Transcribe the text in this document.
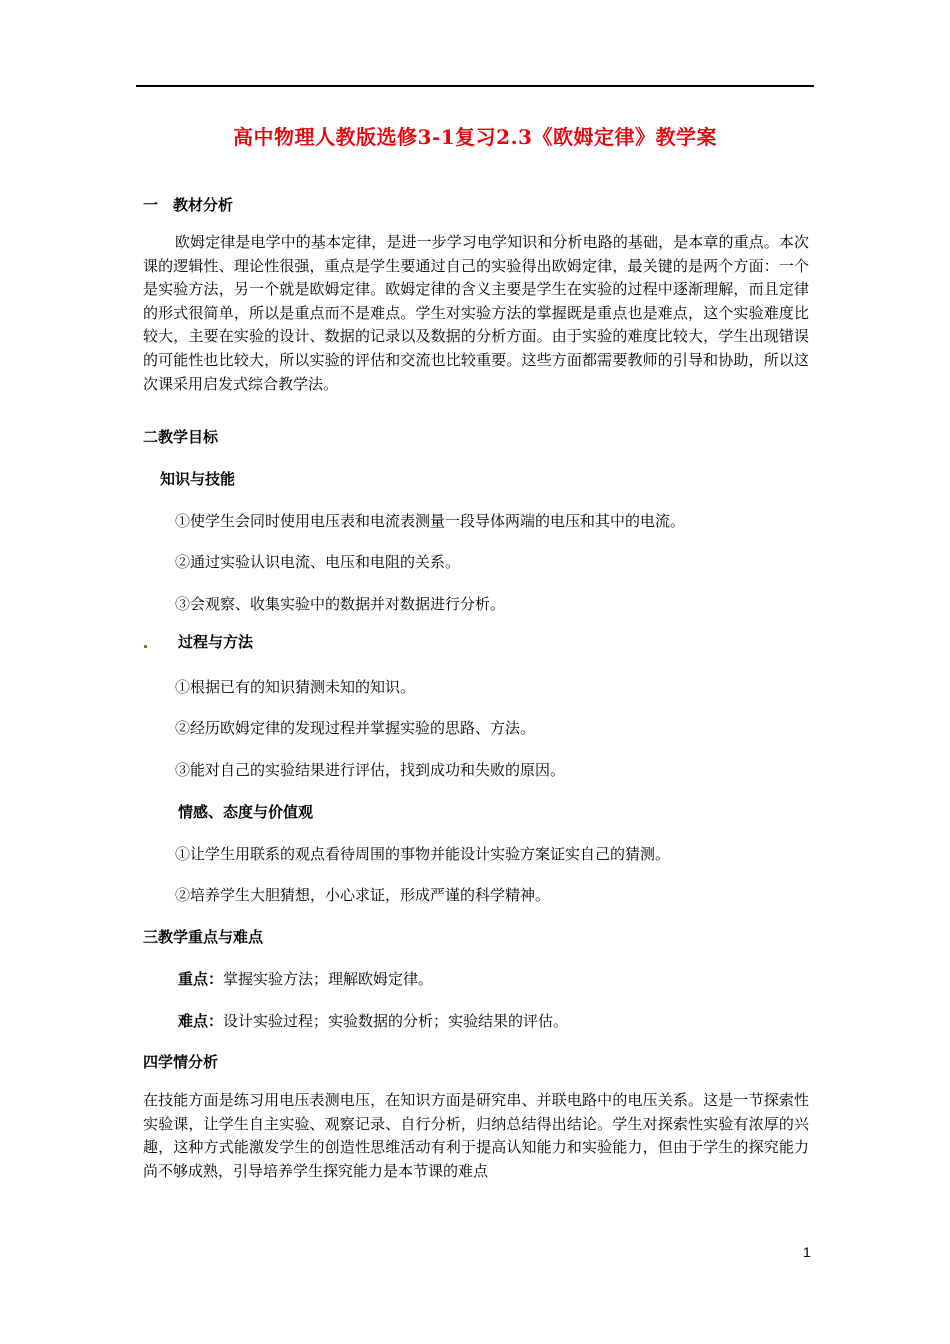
高中物理人教版选修3-1复习2.3《欧姆定律》教学案
一　教材分析
欧姆定律是电学中的基本定律，是进一步学习电学知识和分析电路的基础，是本章的重点。本次课的逻辑性、理论性很强，重点是学生要通过自己的实验得出欧姆定律，最关键的是两个方面：一个是实验方法，另一个就是欧姆定律。欧姆定律的含义主要是学生在实验的过程中逐渐理解，而且定律的形式很简单，所以是重点而不是难点。学生对实验方法的掌握既是重点也是难点，这个实验难度比较大，主要在实验的设计、数据的记录以及数据的分析方面。由于实验的难度比较大，学生出现错误的可能性也比较大，所以实验的评估和交流也比较重要。这些方面都需要教师的引导和协助，所以这次课采用启发式综合教学法。
二教学目标
知识与技能
①使学生会同时使用电压表和电流表测量一段导体两端的电压和其中的电流。
②通过实验认识电流、电压和电阻的关系。
③会观察、收集实验中的数据并对数据进行分析。
过程与方法
①根据已有的知识猜测未知的知识。
②经历欧姆定律的发现过程并掌握实验的思路、方法。
③能对自己的实验结果进行评估，找到成功和失败的原因。
情感、态度与价值观
①让学生用联系的观点看待周围的事物并能设计实验方案证实自己的猜测。
②培养学生大胆猜想，小心求证，形成严谨的科学精神。
三教学重点与难点
重点：掌握实验方法；理解欧姆定律。
难点：设计实验过程；实验数据的分析；实验结果的评估。
四学情分析
在技能方面是练习用电压表测电压，在知识方面是研究串、并联电路中的电压关系。这是一节探索性实验课，让学生自主实验、观察记录、自行分析，归纳总结得出结论。学生对探索性实验有浓厚的兴趣，这种方式能激发学生的创造性思维活动有利于提高认知能力和实验能力，但由于学生的探究能力尚不够成熟，引导培养学生探究能力是本节课的难点
1
